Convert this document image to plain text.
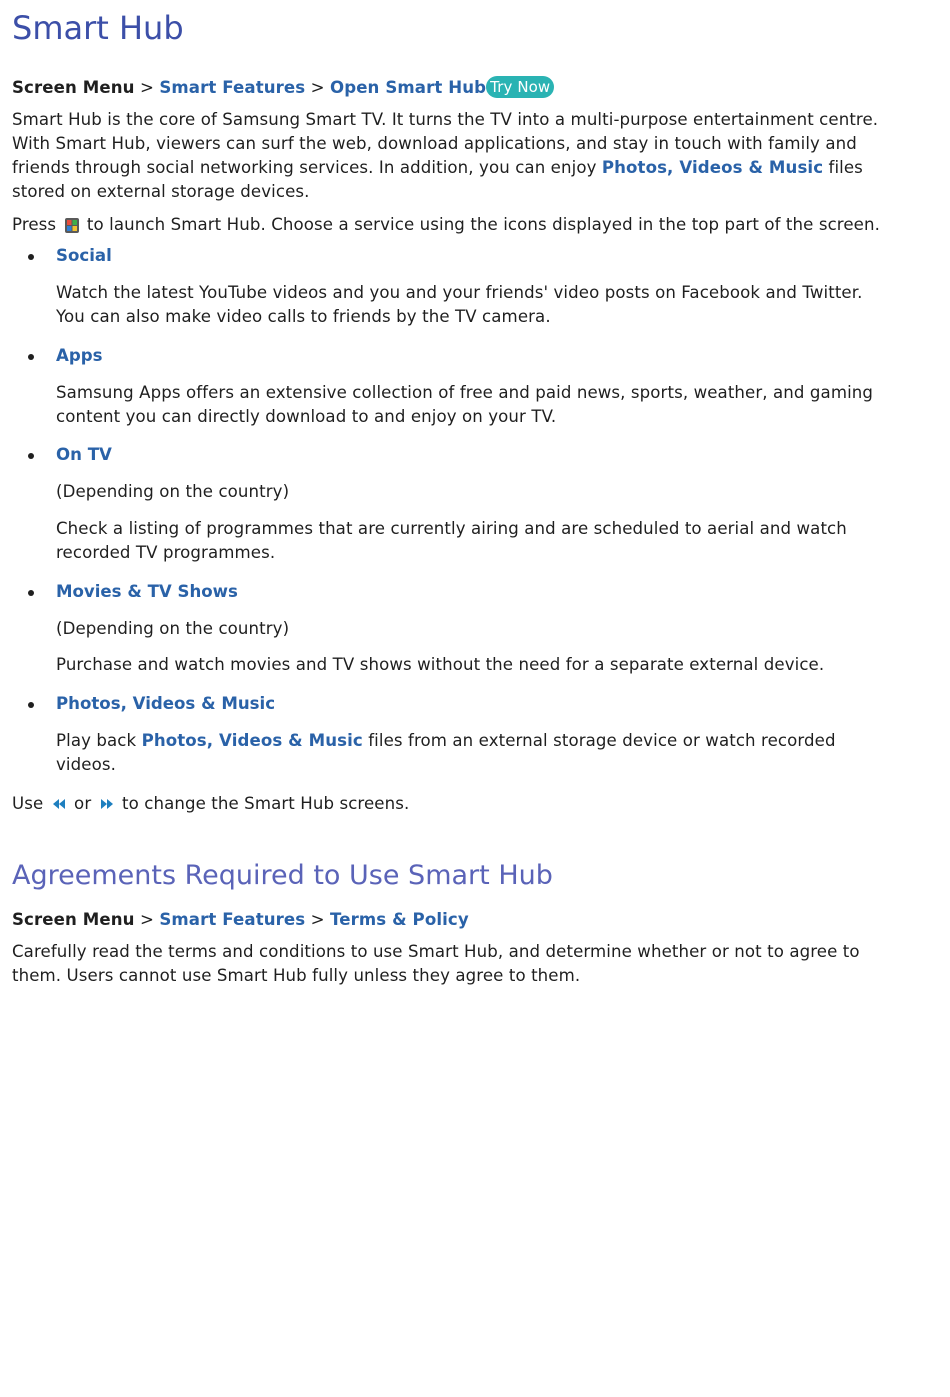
Smart Hub
Screen Menu > Smart Features > Open Smart Hub Try Now
Smart Hub is the core of Samsung Smart TV. It turns the TV into a multi-purpose entertainment centre.
With Smart Hub, viewers can surf the web, download applications, and stay in touch with family and
friends through social networking services. In addition, you can enjoy Photos, Videos & Music files
stored on external storage devices.
Press  to launch Smart Hub. Choose a service using the icons displayed in the top part of the screen.
Social
Watch the latest YouTube videos and you and your friends' video posts on Facebook and Twitter.
You can also make video calls to friends by the TV camera.
Apps
Samsung Apps offers an extensive collection of free and paid news, sports, weather, and gaming
content you can directly download to and enjoy on your TV.
On TV
(Depending on the country)
Check a listing of programmes that are currently airing and are scheduled to aerial and watch
recorded TV programmes.
Movies & TV Shows
(Depending on the country)
Purchase and watch movies and TV shows without the need for a separate external device.
Photos, Videos & Music
Play back Photos, Videos & Music files from an external storage device or watch recorded
videos.
Use  or  to change the Smart Hub screens.
Agreements Required to Use Smart Hub
Screen Menu > Smart Features > Terms & Policy
Carefully read the terms and conditions to use Smart Hub, and determine whether or not to agree to
them. Users cannot use Smart Hub fully unless they agree to them.
